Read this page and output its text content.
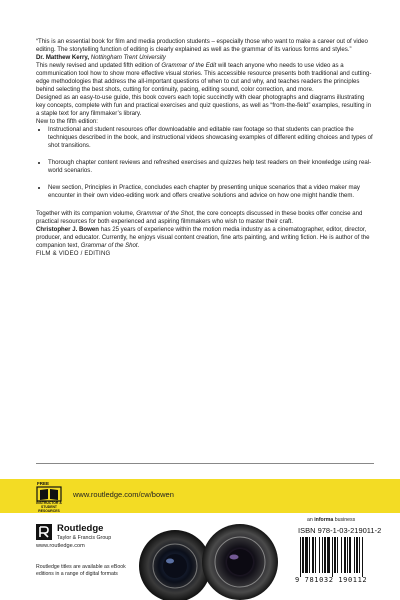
“This is an essential book for film and media production students – especially those who want to make a career out of video editing. The storytelling function of editing is clearly explained as well as the grammar of its various forms and styles.”

Dr. Matthew Kerry, Nottingham Trent University

This newly revised and updated fifth edition of Grammar of the Edit will teach anyone who needs to use video as a communication tool how to show more effective visual stories. This accessible resource presents both traditional and cutting-edge methodologies that address the all-important questions of when to cut and why, and teaches readers the principles behind selecting the best shots, cutting for continuity, pacing, editing sound, color correction, and more.

Designed as an easy-to-use guide, this book covers each topic succinctly with clear photographs and diagrams illustrating key concepts, complete with fun and practical exercises and quiz questions, as well as “from-the-field” examples, resulting in a staple text for any filmmaker’s library.

New to the fifth edition:

• Instructional and student resources offer downloadable and editable raw footage so that students can practice the techniques described in the book, and instructional videos showcasing examples of different editing choices and types of shot transitions.
• Thorough chapter content reviews and refreshed exercises and quizzes help test readers on their knowledge using real-world scenarios.
• New section, Principles in Practice, concludes each chapter by presenting unique scenarios that a video maker may encounter in their own video-editing work and offers creative solutions and advice on how one might handle them.

Together with its companion volume, Grammar of the Shot, the core concepts discussed in these books offer concise and practical resources for both experienced and aspiring filmmakers who wish to master their craft.

Christopher J. Bowen has 25 years of experience within the motion media industry as a cinematographer, editor, director, producer, and educator. Currently, he enjoys visual content creation, fine arts painting, and writing fiction. He is author of the companion text, Grammar of the Shot.

FILM & VIDEO / EDITING

FREE
INSTRUCTOR & STUDENT RESOURCES
www.routledge.com/cw/bowen
Routledge
Taylor & Francis Group
www.routledge.com
Routledge titles are available as eBook editions in a range of digital formats
an informa business
ISBN 978-1-03-219011-2
9 781032 190112
